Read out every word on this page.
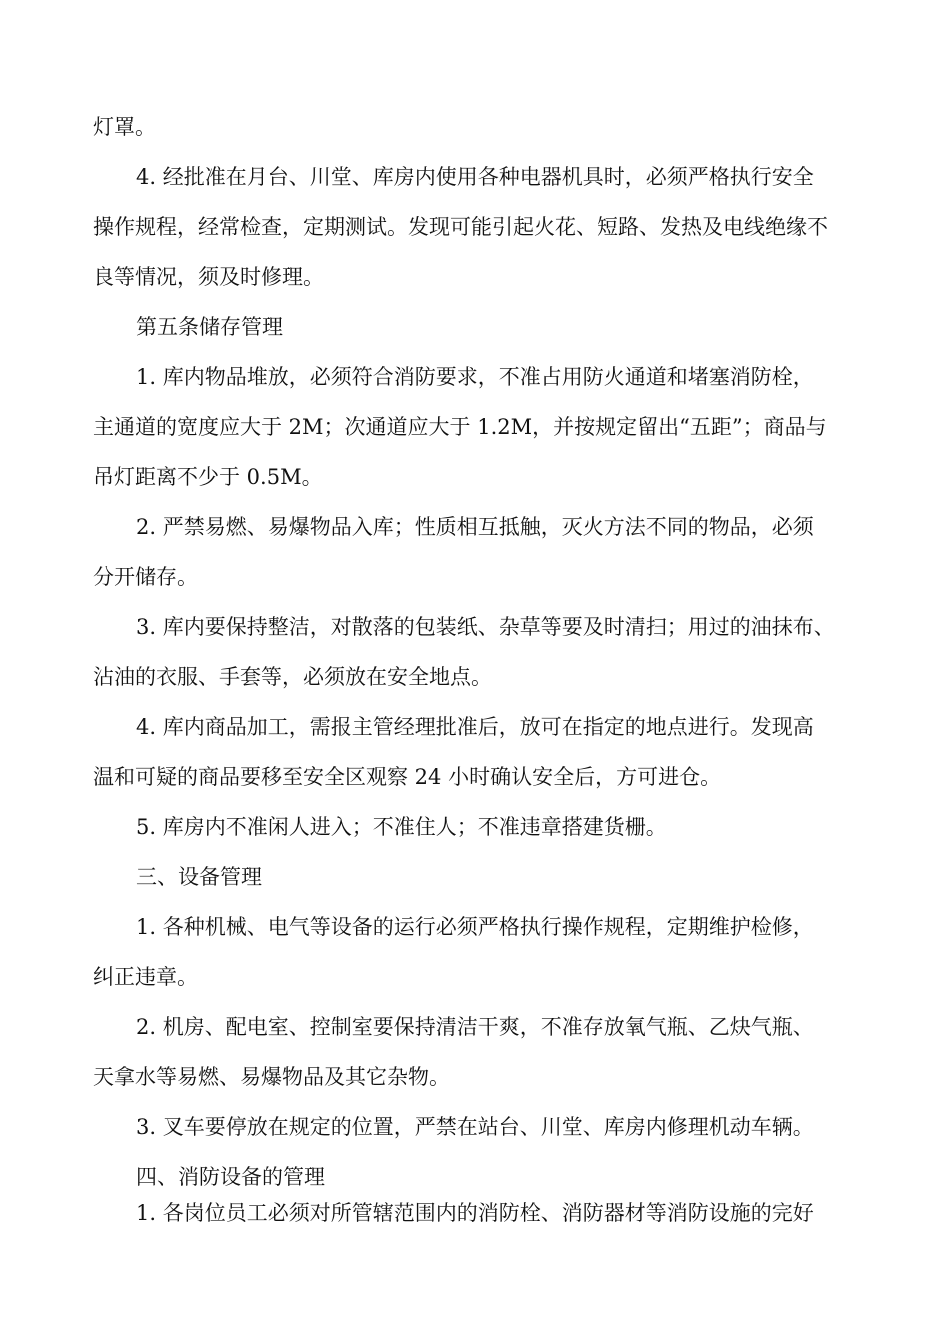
灯罩。
4. 经批准在月台、川堂、库房内使用各种电器机具时，必须严格执行安全
操作规程，经常检查，定期测试。发现可能引起火花、短路、发热及电线绝缘不
良等情况，须及时修理。
第五条储存管理
1. 库内物品堆放，必须符合消防要求，不准占用防火通道和堵塞消防栓，
主通道的宽度应大于 2M；次通道应大于 1.2M，并按规定留出“五距”；商品与
吊灯距离不少于 0.5M。
2. 严禁易燃、易爆物品入库；性质相互抵触，灭火方法不同的物品，必须
分开储存。
3. 库内要保持整洁，对散落的包装纸、杂草等要及时清扫；用过的油抹布、
沾油的衣服、手套等，必须放在安全地点。
4. 库内商品加工，需报主管经理批准后，放可在指定的地点进行。发现高
温和可疑的商品要移至安全区观察 24 小时确认安全后，方可进仓。
5. 库房内不准闲人进入；不准住人；不准违章搭建货栅。
三、设备管理
1. 各种机械、电气等设备的运行必须严格执行操作规程，定期维护检修，
纠正违章。
2. 机房、配电室、控制室要保持清洁干爽，不准存放氧气瓶、乙炔气瓶、
天拿水等易燃、易爆物品及其它杂物。
3. 叉车要停放在规定的位置，严禁在站台、川堂、库房内修理机动车辆。
四、消防设备的管理
1. 各岗位员工必须对所管辖范围内的消防栓、消防器材等消防设施的完好
